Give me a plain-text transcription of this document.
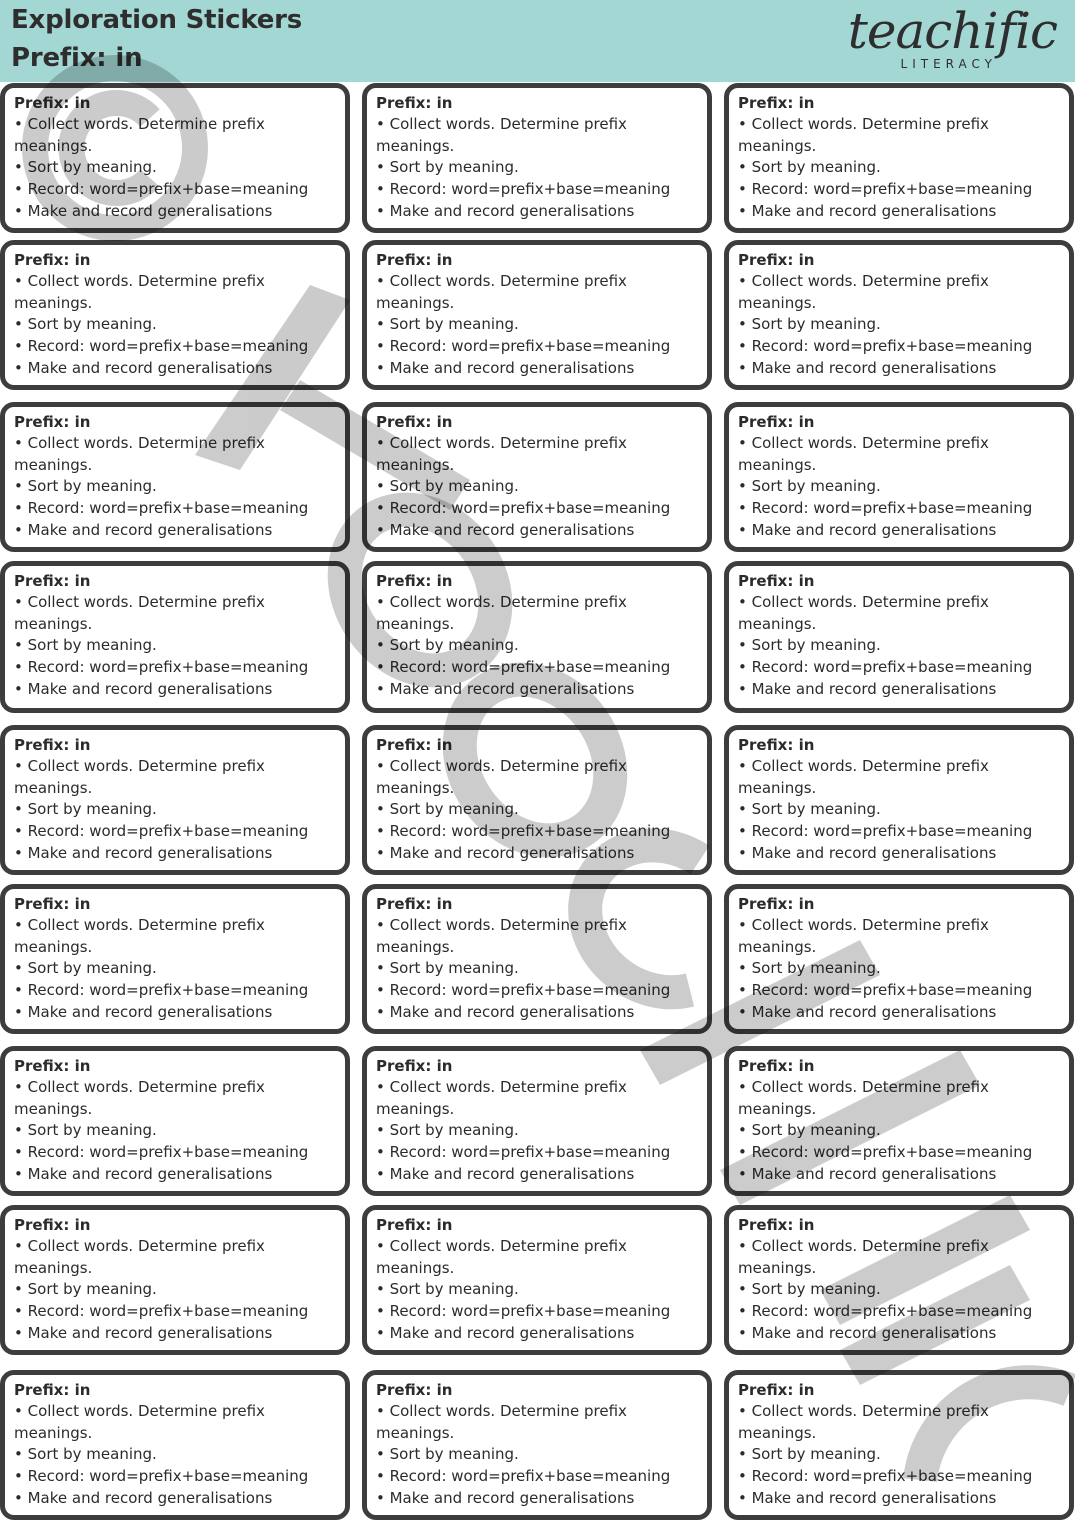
Exploration Stickers
Prefix: in	teachific
LITERACY
Prefix: in
• Collect words. Determine prefix
meanings.
• Sort by meaning.
• Record: word=prefix+base=meaning
• Make and record generalisations
Prefix: in
• Collect words. Determine prefix
meanings.
• Sort by meaning.
• Record: word=prefix+base=meaning
• Make and record generalisations
Prefix: in
• Collect words. Determine prefix
meanings.
• Sort by meaning.
• Record: word=prefix+base=meaning
• Make and record generalisations
Prefix: in
• Collect words. Determine prefix
meanings.
• Sort by meaning.
• Record: word=prefix+base=meaning
• Make and record generalisations
Prefix: in
• Collect words. Determine prefix
meanings.
• Sort by meaning.
• Record: word=prefix+base=meaning
• Make and record generalisations
Prefix: in
• Collect words. Determine prefix
meanings.
• Sort by meaning.
• Record: word=prefix+base=meaning
• Make and record generalisations
Prefix: in
• Collect words. Determine prefix
meanings.
• Sort by meaning.
• Record: word=prefix+base=meaning
• Make and record generalisations
Prefix: in
• Collect words. Determine prefix
meanings.
• Sort by meaning.
• Record: word=prefix+base=meaning
• Make and record generalisations
Prefix: in
• Collect words. Determine prefix
meanings.
• Sort by meaning.
• Record: word=prefix+base=meaning
• Make and record generalisations
Prefix: in
• Collect words. Determine prefix
meanings.
• Sort by meaning.
• Record: word=prefix+base=meaning
• Make and record generalisations
Prefix: in
• Collect words. Determine prefix
meanings.
• Sort by meaning.
• Record: word=prefix+base=meaning
• Make and record generalisations
Prefix: in
• Collect words. Determine prefix
meanings.
• Sort by meaning.
• Record: word=prefix+base=meaning
• Make and record generalisations
Prefix: in
• Collect words. Determine prefix
meanings.
• Sort by meaning.
• Record: word=prefix+base=meaning
• Make and record generalisations
Prefix: in
• Collect words. Determine prefix
meanings.
• Sort by meaning.
• Record: word=prefix+base=meaning
• Make and record generalisations
Prefix: in
• Collect words. Determine prefix
meanings.
• Sort by meaning.
• Record: word=prefix+base=meaning
• Make and record generalisations
Prefix: in
• Collect words. Determine prefix
meanings.
• Sort by meaning.
• Record: word=prefix+base=meaning
• Make and record generalisations
Prefix: in
• Collect words. Determine prefix
meanings.
• Sort by meaning.
• Record: word=prefix+base=meaning
• Make and record generalisations
Prefix: in
• Collect words. Determine prefix
meanings.
• Sort by meaning.
• Record: word=prefix+base=meaning
• Make and record generalisations
Prefix: in
• Collect words. Determine prefix
meanings.
• Sort by meaning.
• Record: word=prefix+base=meaning
• Make and record generalisations
Prefix: in
• Collect words. Determine prefix
meanings.
• Sort by meaning.
• Record: word=prefix+base=meaning
• Make and record generalisations
Prefix: in
• Collect words. Determine prefix
meanings.
• Sort by meaning.
• Record: word=prefix+base=meaning
• Make and record generalisations
Prefix: in
• Collect words. Determine prefix
meanings.
• Sort by meaning.
• Record: word=prefix+base=meaning
• Make and record generalisations
Prefix: in
• Collect words. Determine prefix
meanings.
• Sort by meaning.
• Record: word=prefix+base=meaning
• Make and record generalisations
Prefix: in
• Collect words. Determine prefix
meanings.
• Sort by meaning.
• Record: word=prefix+base=meaning
• Make and record generalisations
Prefix: in
• Collect words. Determine prefix
meanings.
• Sort by meaning.
• Record: word=prefix+base=meaning
• Make and record generalisations
Prefix: in
• Collect words. Determine prefix
meanings.
• Sort by meaning.
• Record: word=prefix+base=meaning
• Make and record generalisations
Prefix: in
• Collect words. Determine prefix
meanings.
• Sort by meaning.
• Record: word=prefix+base=meaning
• Make and record generalisations
